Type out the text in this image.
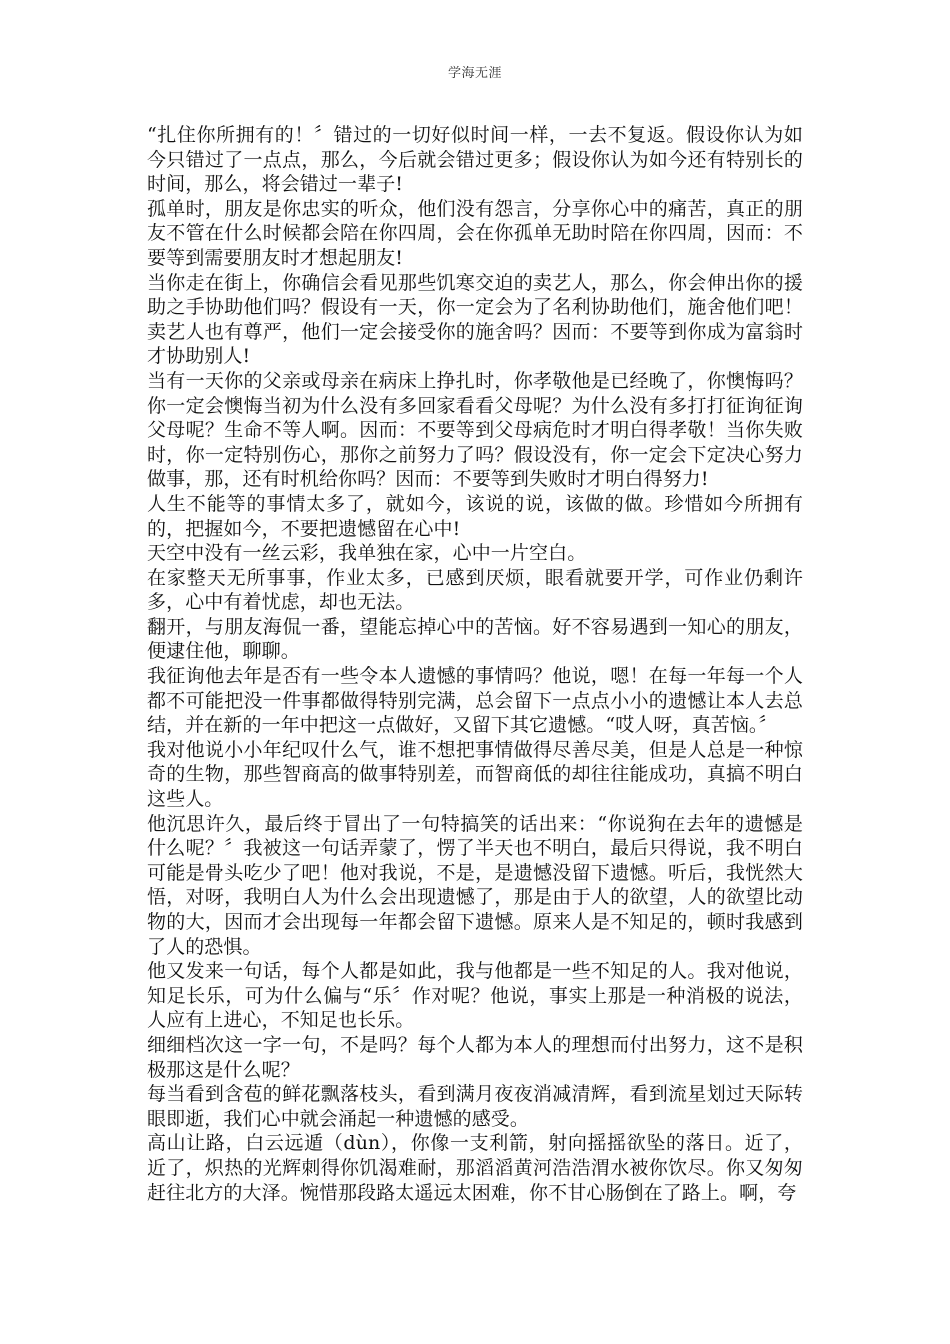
学海无涯

“扎住你所拥有的！〞错过的一切好似时间一样，一去不复返。假设你认为如今只错过了一点点，那么，今后就会错过更多；假设你认为如今还有特别长的时间，那么，将会错过一辈子!

孤单时，朋友是你忠实的听众，他们没有怨言，分享你心中的痛苦，真正的朋友不管在什么时候都会陪在你四周，会在你孤单无助时陪在你四周，因而：不要等到需要朋友时才想起朋友!

当你走在街上，你确信会看见那些饥寒交迫的卖艺人，那么，你会伸出你的援助之手协助他们吗？假设有一天，你一定会为了名利协助他们，施舍他们吧！卖艺人也有尊严，他们一定会接受你的施舍吗？因而：不要等到你成为富翁时才协助别人!

当有一天你的父亲或母亲在病床上挣扎时，你孝敬他是已经晚了，你懊悔吗？你一定会懊悔当初为什么没有多回家看看父母呢？为什么没有多打打征询征询父母呢？生命不等人啊。因而：不要等到父母病危时才明白得孝敬！当你失败时，你一定特别伤心，那你之前努力了吗？假设没有，你一定会下定决心努力做事，那，还有时机给你吗？因而：不要等到失败时才明白得努力!

人生不能等的事情太多了，就如今，该说的说，该做的做。珍惜如今所拥有的，把握如今，不要把遗憾留在心中!

天空中没有一丝云彩，我单独在家，心中一片空白。

在家整天无所事事，作业太多，已感到厌烦，眼看就要开学，可作业仍剩许多，心中有着忧虑，却也无法。

翻开，与朋友海侃一番，望能忘掉心中的苦恼。好不容易遇到一知心的朋友，便逮住他，聊聊。

我征询他去年是否有一些令本人遗憾的事情吗？他说，嗯！在每一年每一个人都不可能把没一件事都做得特别完满，总会留下一点点小小的遗憾让本人去总结，并在新的一年中把这一点做好，又留下其它遗憾。“哎人呀，真苦恼。〞

我对他说小小年纪叹什么气，谁不想把事情做得尽善尽美，但是人总是一种惊奇的生物，那些智商高的做事特别差，而智商低的却往往能成功，真搞不明白这些人。

他沉思许久，最后终于冒出了一句特搞笑的话出来：“你说狗在去年的遗憾是什么呢？〞我被这一句话弄蒙了，愣了半天也不明白，最后只得说，我不明白可能是骨头吃少了吧！他对我说，不是，是遗憾没留下遗憾。听后，我恍然大悟，对呀，我明白人为什么会出现遗憾了，那是由于人的欲望，人的欲望比动物的大，因而才会出现每一年都会留下遗憾。原来人是不知足的，顿时我感到了人的恐惧。

他又发来一句话，每个人都是如此，我与他都是一些不知足的人。我对他说，知足长乐，可为什么偏与“乐〞作对呢？他说，事实上那是一种消极的说法，人应有上进心，不知足也长乐。

细细档次这一字一句，不是吗？每个人都为本人的理想而付出努力，这不是积极那这是什么呢？

每当看到含苞的鲜花飘落枝头，看到满月夜夜消减清辉，看到流星划过天际转眼即逝，我们心中就会涌起一种遗憾的感受。

高山让路，白云远遁（dùn），你像一支利箭，射向摇摇欲坠的落日。近了，近了，炽热的光辉刺得你饥渴难耐，那滔滔黄河浩浩渭水被你饮尽。你又匆匆赶往北方的大泽。惋惜那段路太遥远太困难，你不甘心肠倒在了路上。啊，夸
